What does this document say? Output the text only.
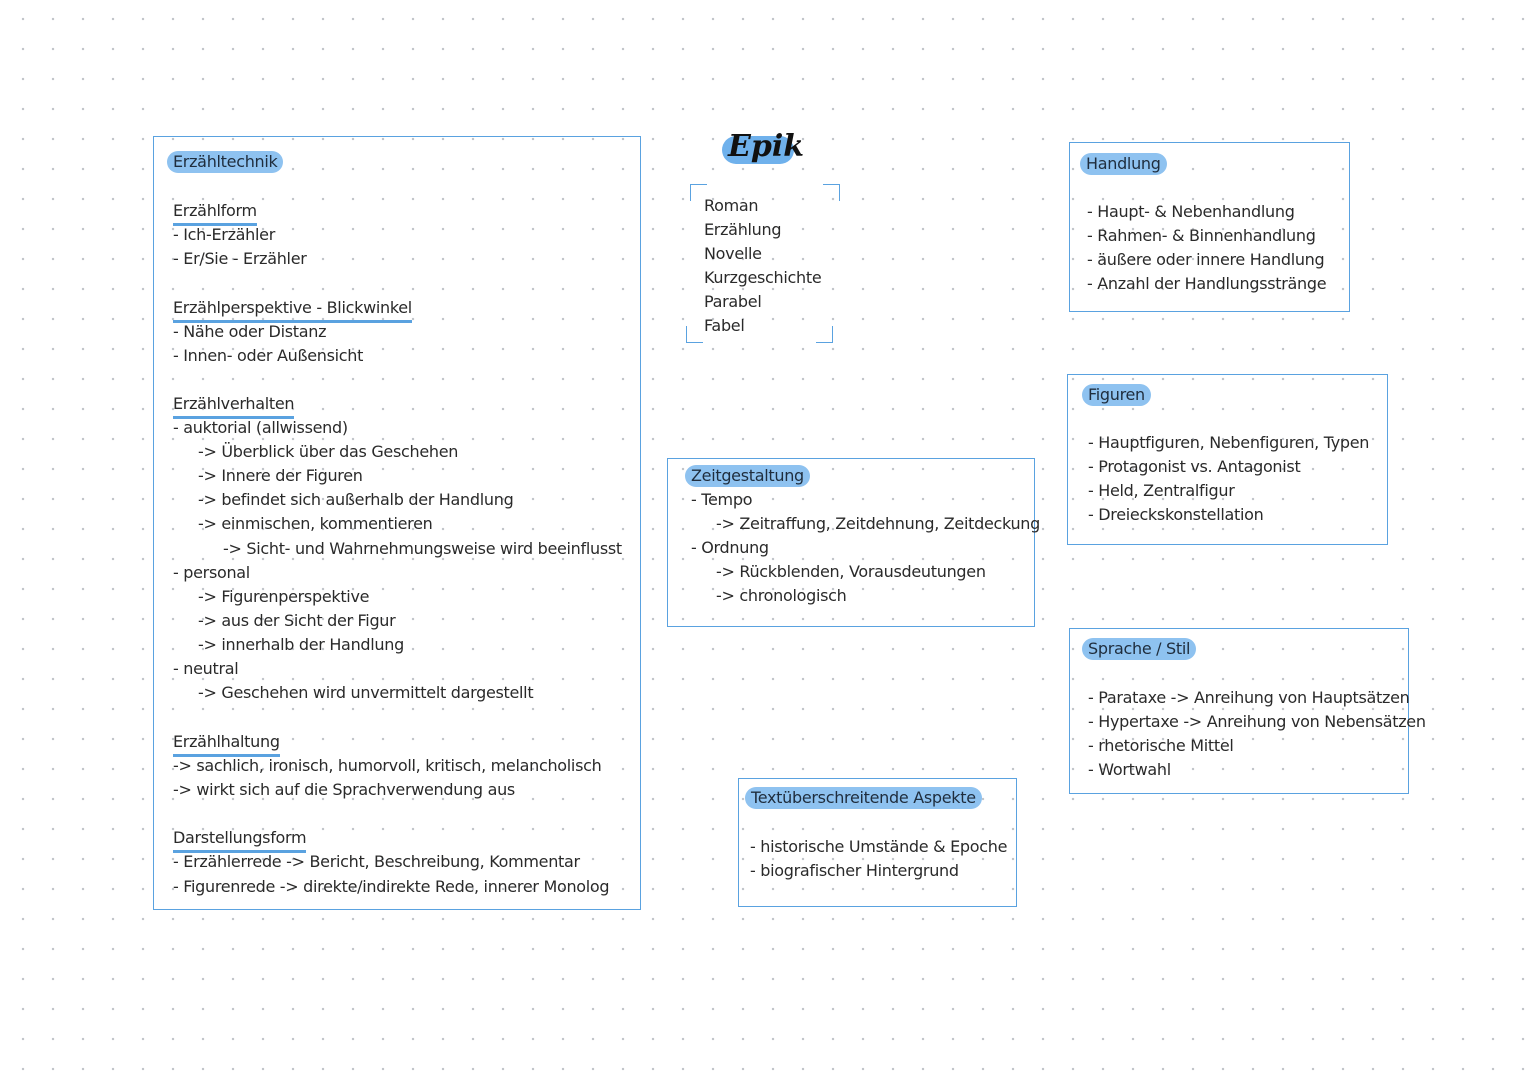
Epik
Roman
Erzählung
Novelle
Kurzgeschichte
Parabel
Fabel
Erzähltechnik
Erzählform
- Ich-Erzähler
- Er/Sie - Erzähler
Erzählperspektive - Blickwinkel
- Nähe oder Distanz
- Innen- oder Außensicht
Erzählverhalten
- auktorial (allwissend)
-> Überblick über das Geschehen
-> Innere der Figuren
-> befindet sich außerhalb der Handlung
-> einmischen, kommentieren
-> Sicht- und Wahrnehmungsweise wird beeinflusst
- personal
-> Figurenperspektive
-> aus der Sicht der Figur
-> innerhalb der Handlung
- neutral
-> Geschehen wird unvermittelt dargestellt
Erzählhaltung
-> sachlich, ironisch, humorvoll, kritisch, melancholisch
-> wirkt sich auf die Sprachverwendung aus
Darstellungsform
- Erzählerrede -> Bericht, Beschreibung, Kommentar
- Figurenrede -> direkte/indirekte Rede, innerer Monolog
Zeitgestaltung
- Tempo
-> Zeitraffung, Zeitdehnung, Zeitdeckung
- Ordnung
-> Rückblenden, Vorausdeutungen
-> chronologisch
Textüberschreitende Aspekte
- historische Umstände & Epoche
- biografischer Hintergrund
Handlung
- Haupt- & Nebenhandlung
- Rahmen- & Binnenhandlung
- äußere oder innere Handlung
- Anzahl der Handlungsstränge
Figuren
- Hauptfiguren, Nebenfiguren, Typen
- Protagonist vs. Antagonist
- Held, Zentralfigur
- Dreieckskonstellation
Sprache / Stil
- Parataxe -> Anreihung von Hauptsätzen
- Hypertaxe -> Anreihung von Nebensätzen
- rhetorische Mittel
- Wortwahl
